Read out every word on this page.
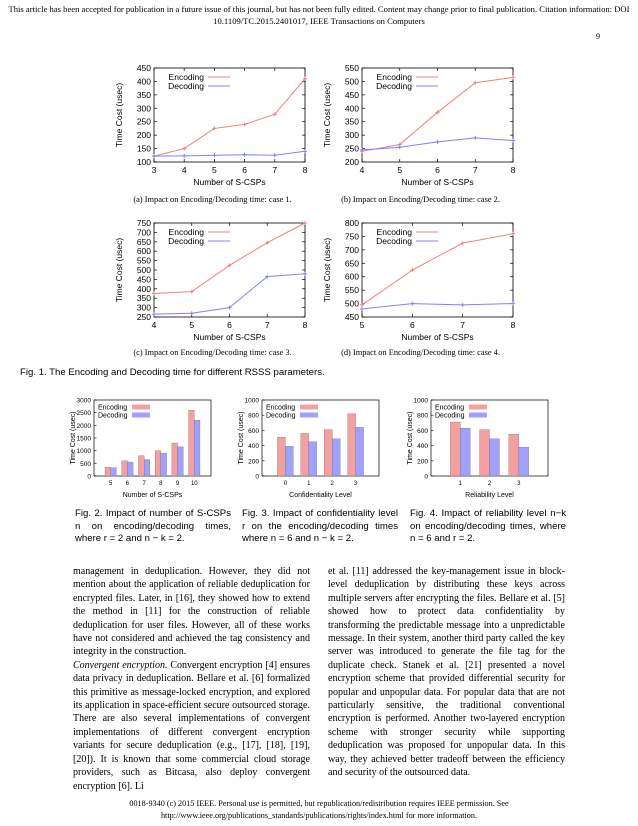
This article has been accepted for publication in a future issue of this journal, but has not been fully edited. Content may change prior to final publication. Citation information: DOI
10.1109/TC.2015.2401017, IEEE Transactions on Computers
9
100
150
200
250
300
350
400
450
3	4	5	6	7	8
Number of S-CSPs
Time Cost (usec)
Encoding
Decoding
200
250
300
350
400
450
500
550
4	5	6	7	8
Number of S-CSPs
Time Cost (usec)
Encoding
Decoding
250
300
350
400
450
500
550
600
650
700
750
4	5	6	7	8
Number of S-CSPs
Time Cost (usec)
Encoding
Decoding
450
500
550
600
650
700
750
800
5	6	7	8
Number of S-CSPs
Time Cost (usec)
Encoding
Decoding
(a) Impact on Encoding/Decoding time: case 1.	(b) Impact on Encoding/Decoding time: case 2.
(c) Impact on Encoding/Decoding time: case 3.	(d) Impact on Encoding/Decoding time: case 4.
Fig. 1. The Encoding and Decoding time for different RSSS parameters.
0
500
1000
1500
2000
2500
3000
5 6 7 8 9 10
Number of S-CSPs
Time Cost (usec)
Encoding
Decoding
0
200
400
600
800
1000
0	1	2	3
Confidentiality Level
Time Cost (usec)
Encoding
Decoding
0
200
400
600
800
1000
1	2	3
Reliability Level
Time Cost (usec)
Encoding
Decoding
Fig. 2. Impact of number of S-CSPs n on encoding/decoding times, where r = 2 and n − k = 2.
Fig. 3. Impact of confidentiality level r on the encoding/decoding times where n = 6 and n − k = 2.
Fig. 4. Impact of reliability level n−k on encoding/decoding times, where n = 6 and r = 2.

management in deduplication. However, they did not mention about the application of reliable deduplication for encrypted files. Later, in [16], they showed how to extend the method in [11] for the construction of reliable deduplication for user files. However, all of these works have not considered and achieved the tag consistency and integrity in the construction.

Convergent encryption. Convergent encryption [4] ensures data privacy in deduplication. Bellare et al. [6] formalized this primitive as message-locked encryption, and explored its application in space-efficient secure outsourced storage. There are also several implementations of convergent implementations of different convergent encryption variants for secure deduplication (e.g., [17], [18], [19], [20]). It is known that some commercial cloud storage providers, such as Bitcasa, also deploy convergent encryption [6]. Li

et al. [11] addressed the key-management issue in block-level deduplication by distributing these keys across multiple servers after encrypting the files. Bellare et al. [5] showed how to protect data confidentiality by transforming the predictable message into a unpredictable message. In their system, another third party called the key server was introduced to generate the file tag for the duplicate check. Stanek et al. [21] presented a novel encryption scheme that provided differential security for popular and unpopular data. For popular data that are not particularly sensitive, the traditional conventional encryption is performed. Another two-layered encryption scheme with stronger security while supporting deduplication was proposed for unpopular data. In this way, they achieved better tradeoff between the efficiency and security of the outsourced data.

0018-9340 (c) 2015 IEEE. Personal use is permitted, but republication/redistribution requires IEEE permission. See
http://www.ieee.org/publications_standards/publications/rights/index.html for more information.
